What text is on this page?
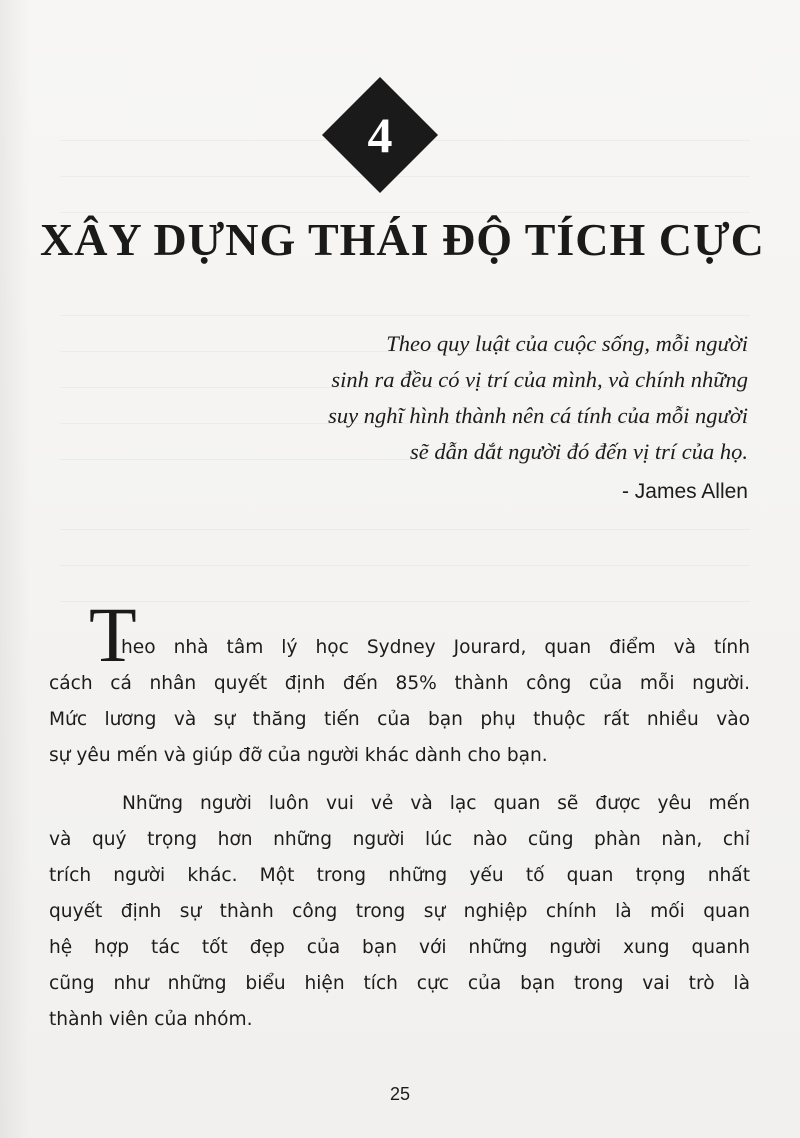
4
XÂY DỰNG THÁI ĐỘ TÍCH CỰC
Theo quy luật của cuộc sống, mỗi người
sinh ra đều có vị trí của mình, và chính những
suy nghĩ hình thành nên cá tính của mỗi người
sẽ dẫn dắt người đó đến vị trí của họ.
- James Allen
T
heo nhà tâm lý học Sydney Jourard, quan điểm và tính
cách cá nhân quyết định đến 85% thành công của mỗi người.
Mức lương và sự thăng tiến của bạn phụ thuộc rất nhiều vào
sự yêu mến và giúp đỡ của người khác dành cho bạn.
Những người luôn vui vẻ và lạc quan sẽ được yêu mến
và quý trọng hơn những người lúc nào cũng phàn nàn, chỉ
trích người khác. Một trong những yếu tố quan trọng nhất
quyết định sự thành công trong sự nghiệp chính là mối quan
hệ hợp tác tốt đẹp của bạn với những người xung quanh
cũng như những biểu hiện tích cực của bạn trong vai trò là
thành viên của nhóm.
25
